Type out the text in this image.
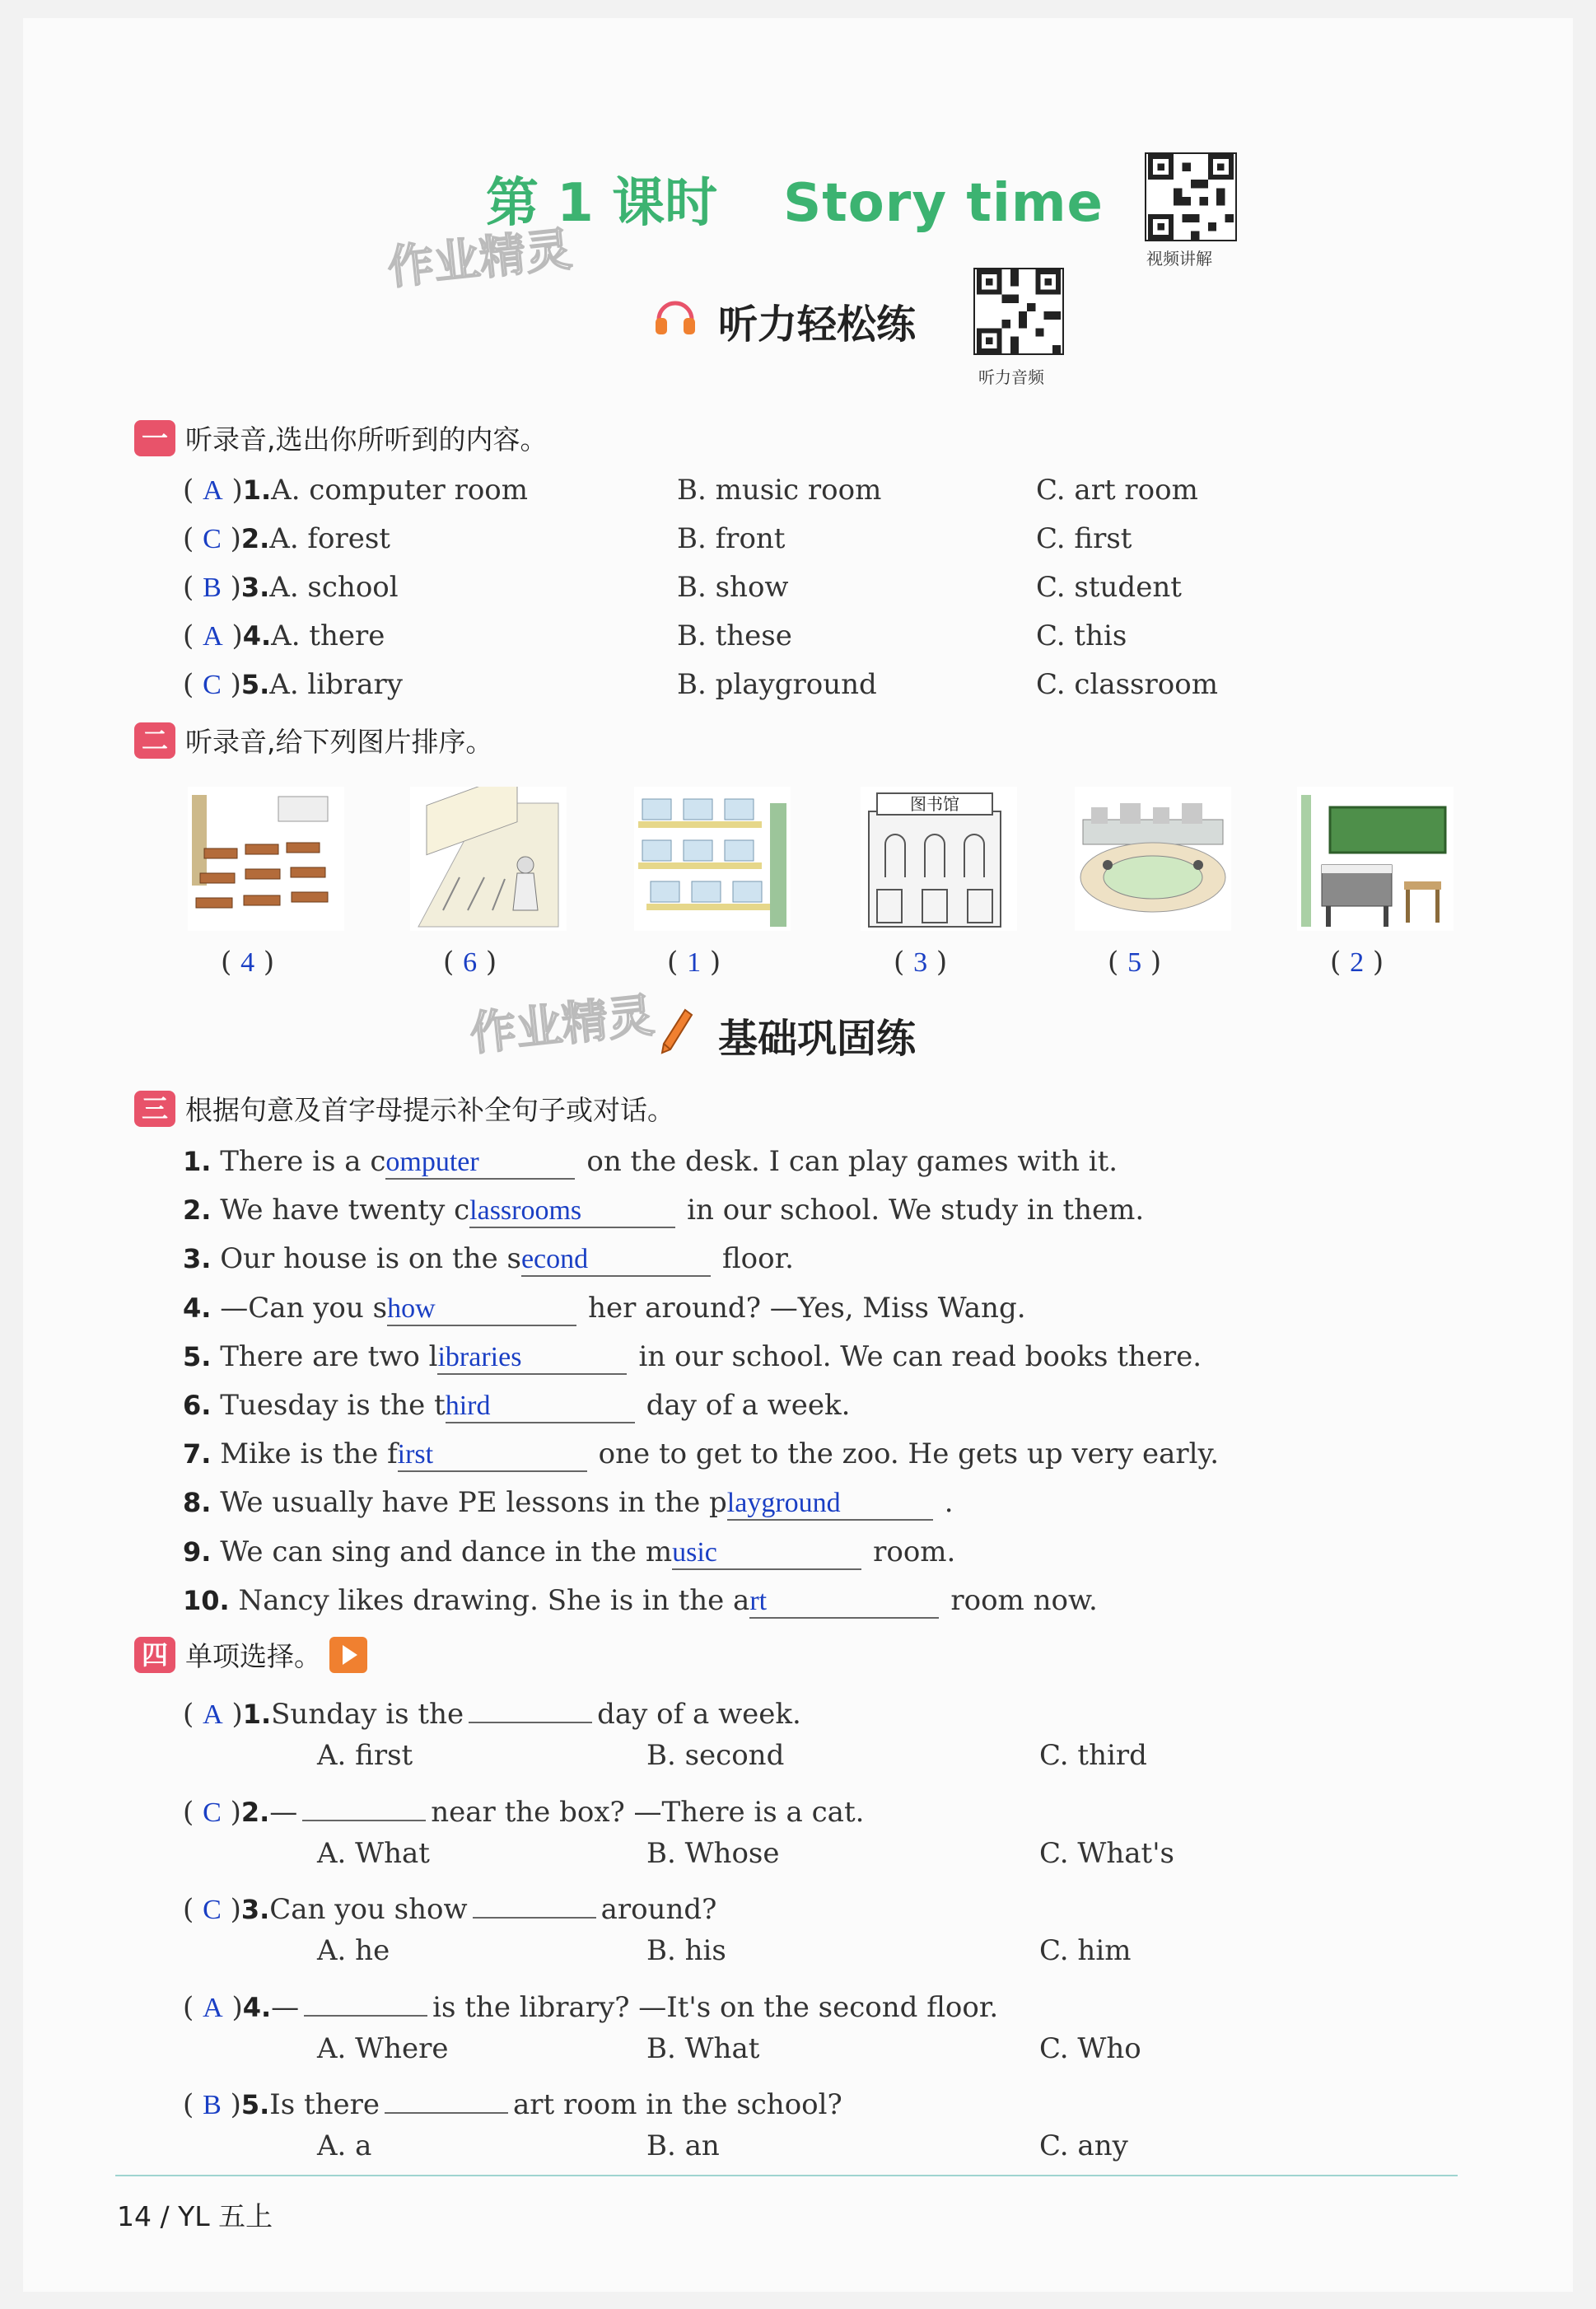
第 1 课时 Story time
作业精灵	视频讲解
听力音频
听力轻松练
一 听录音,选出你所听到的内容。
( A )1.A. computer room	B. music room	C. art room
( C )2.A. forest	B. front	C. first
( B )3.A. school	B. show	C. student
( A )4.A. there	B. these	C. this
( C )5.A. library	B. playground	C. classroom
二 听录音,给下列图片排序。
图书馆
( 4 )	( 6 )	( 1 )	( 3 )	( 5 )	( 2 )
作业精灵 基础巩固练
三 根据句意及首字母提示补全句子或对话。
1. There is a computer	on the desk. I can play games with it.
2. We have twenty classrooms	in our school. We study in them.
3. Our house is on the second	floor.
4. —Can you show	her around? —Yes, Miss Wang.
5. There are two libraries	in our school. We can read books there.
6. Tuesday is the third	day of a week.
7. Mike is the first	one to get to the zoo. He gets up very early.
8. We usually have PE lessons in the playground	.
9. We can sing and dance in the music	room.
10. Nancy likes drawing. She is in the art	room now.
四 单项选择。
( A )1.Sunday is the	day of a week.
A. first	B. second	C. third
( C )2.—	near the box? —There is a cat.
A. What	B. Whose	C. What's
( C )3.Can you show	around?
A. he	B. his	C. him
( A )4.—	is the library? —It's on the second floor.
A. Where	B. What	C. Who
( B )5.Is there	art room in the school?
A. a	B. an	C. any
14 / YL 五上
